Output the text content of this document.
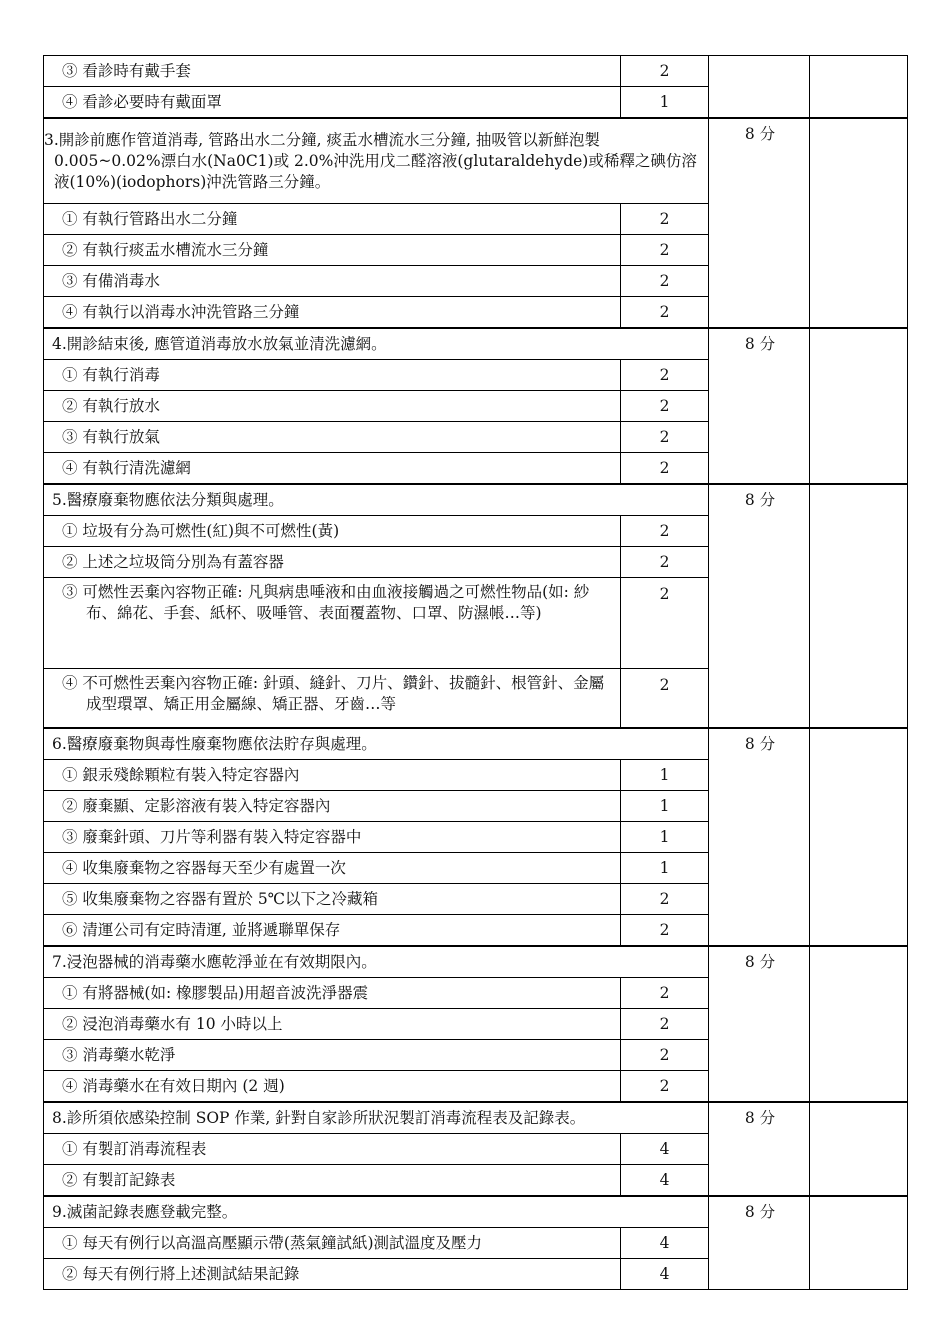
③ 看診時有戴手套	2		
④ 看診必要時有戴面罩	1		
3.開診前應作管道消毒, 管路出水二分鐘, 痰盂水槽流水三分鐘, 抽吸管以新鮮泡製 0.005~0.02%漂白水(Na0C1)或 2.0%沖洗用戊二醛溶液(glutaraldehyde)或稀釋之碘仿溶液(10%)(iodophors)沖洗管路三分鐘。		8 分	
① 有執行管路出水二分鐘	2		
② 有執行痰盂水槽流水三分鐘	2		
③ 有備消毒水	2		
④ 有執行以消毒水沖洗管路三分鐘	2		
4.開診結束後, 應管道消毒放水放氣並清洗濾網。		8 分	
① 有執行消毒	2		
② 有執行放水	2		
③ 有執行放氣	2		
④ 有執行清洗濾網	2		
5.醫療廢棄物應依法分類與處理。		8 分	
① 垃圾有分為可燃性(紅)與不可燃性(黃)	2		
② 上述之垃圾筒分別為有蓋容器	2		
③ 可燃性丟棄內容物正確: 凡與病患唾液和由血液接觸過之可燃性物品(如: 紗布、綿花、手套、紙杯、吸唾管、表面覆蓋物、口罩、防濕帳…等)	2		
④ 不可燃性丟棄內容物正確: 針頭、縫針、刀片、鑽針、拔髓針、根管針、金屬成型環罩、矯正用金屬線、矯正器、牙齒…等	2		
6.醫療廢棄物與毒性廢棄物應依法貯存與處理。		8 分	
① 銀汞殘餘顆粒有裝入特定容器內	1		
② 廢棄顯、定影溶液有裝入特定容器內	1		
③ 廢棄針頭、刀片等利器有裝入特定容器中	1		
④ 收集廢棄物之容器每天至少有處置一次	1		
⑤ 收集廢棄物之容器有置於 5℃以下之冷藏箱	2		
⑥ 清運公司有定時清運, 並將遞聯單保存	2		
7.浸泡器械的消毒藥水應乾淨並在有效期限內。		8 分	
① 有將器械(如: 橡膠製品)用超音波洗淨器震	2		
② 浸泡消毒藥水有 10 小時以上	2		
③ 消毒藥水乾淨	2		
④ 消毒藥水在有效日期內 (2 週)	2		
8.診所須依感染控制 SOP 作業, 針對自家診所狀況製訂消毒流程表及記錄表。		8 分	
① 有製訂消毒流程表	4		
② 有製訂記錄表	4		
9.滅菌記錄表應登載完整。		8 分	
① 每天有例行以高溫高壓顯示帶(蒸氣鐘試紙)測試溫度及壓力	4		
② 每天有例行將上述測試結果記錄	4		
